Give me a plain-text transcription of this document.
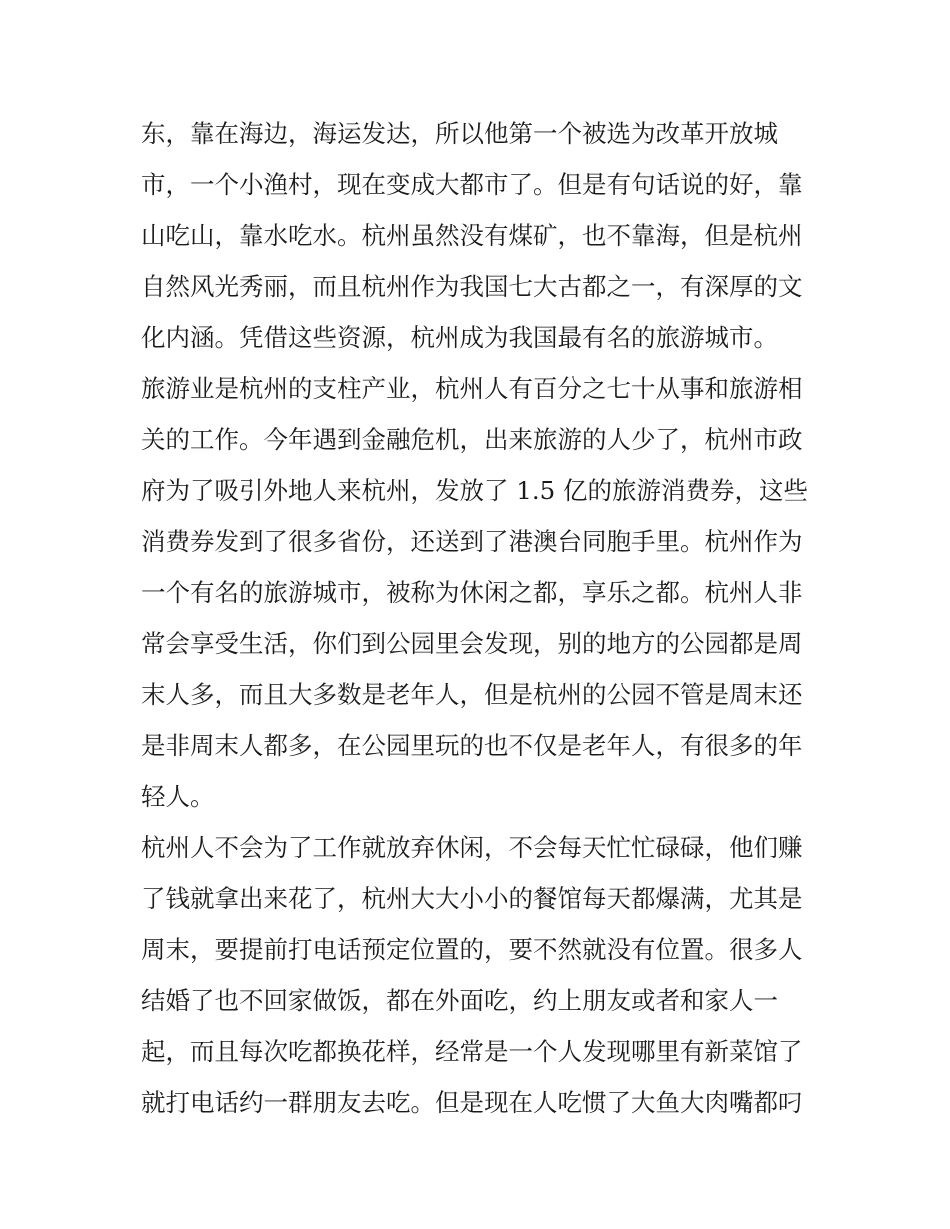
东，靠在海边，海运发达，所以他第一个被选为改革开放城
市，一个小渔村，现在变成大都市了。但是有句话说的好，靠
山吃山，靠水吃水。杭州虽然没有煤矿，也不靠海，但是杭州
自然风光秀丽，而且杭州作为我国七大古都之一，有深厚的文
化内涵。凭借这些资源，杭州成为我国最有名的旅游城市。
旅游业是杭州的支柱产业，杭州人有百分之七十从事和旅游相
关的工作。今年遇到金融危机，出来旅游的人少了，杭州市政
府为了吸引外地人来杭州，发放了 1.5 亿的旅游消费券，这些
消费券发到了很多省份，还送到了港澳台同胞手里。杭州作为
一个有名的旅游城市，被称为休闲之都，享乐之都。杭州人非
常会享受生活，你们到公园里会发现，别的地方的公园都是周
末人多，而且大多数是老年人，但是杭州的公园不管是周末还
是非周末人都多，在公园里玩的也不仅是老年人，有很多的年
轻人。
杭州人不会为了工作就放弃休闲，不会每天忙忙碌碌，他们赚
了钱就拿出来花了，杭州大大小小的餐馆每天都爆满，尤其是
周末，要提前打电话预定位置的，要不然就没有位置。很多人
结婚了也不回家做饭，都在外面吃，约上朋友或者和家人一
起，而且每次吃都换花样，经常是一个人发现哪里有新菜馆了
就打电话约一群朋友去吃。但是现在人吃惯了大鱼大肉嘴都叼
